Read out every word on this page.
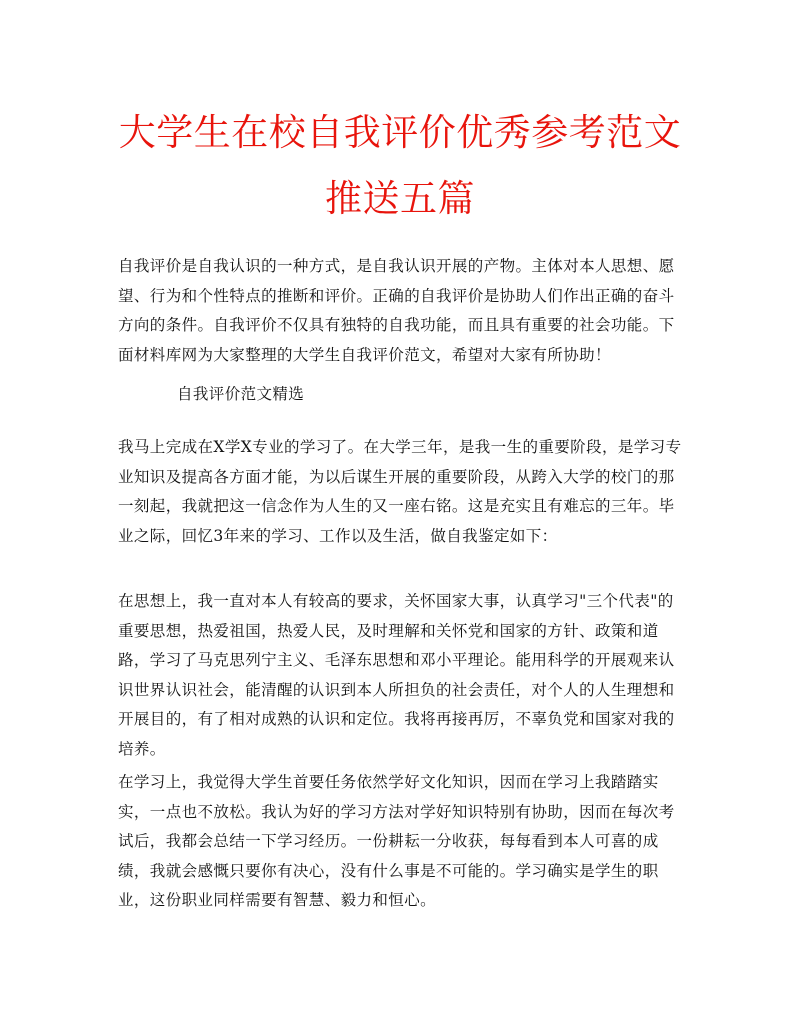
大学生在校自我评价优秀参考范文推送五篇

自我评价是自我认识的一种方式，是自我认识开展的产物。主体对本人思想、愿望、行为和个性特点的推断和评价。正确的自我评价是协助人们作出正确的奋斗方向的条件。自我评价不仅具有独特的自我功能，而且具有重要的社会功能。下面材料库网为大家整理的大学生自我评价范文，希望对大家有所协助！

自我评价范文精选

我马上完成在X学X专业的学习了。在大学三年，是我一生的重要阶段，是学习专业知识及提高各方面才能，为以后谋生开展的重要阶段，从跨入大学的校门的那一刻起，我就把这一信念作为人生的又一座右铭。这是充实且有难忘的三年。毕业之际，回忆3年来的学习、工作以及生活，做自我鉴定如下：

在思想上，我一直对本人有较高的要求，关怀国家大事，认真学习"三个代表"的重要思想，热爱祖国，热爱人民，及时理解和关怀党和国家的方针、政策和道路，学习了马克思列宁主义、毛泽东思想和邓小平理论。能用科学的开展观来认识世界认识社会，能清醒的认识到本人所担负的社会责任，对个人的人生理想和开展目的，有了相对成熟的认识和定位。我将再接再厉，不辜负党和国家对我的培养。

在学习上，我觉得大学生首要任务依然学好文化知识，因而在学习上我踏踏实实，一点也不放松。我认为好的学习方法对学好知识特别有协助，因而在每次考试后，我都会总结一下学习经历。一份耕耘一分收获，每每看到本人可喜的成绩，我就会感慨只要你有决心，没有什么事是不可能的。学习确实是学生的职业，这份职业同样需要有智慧、毅力和恒心。
